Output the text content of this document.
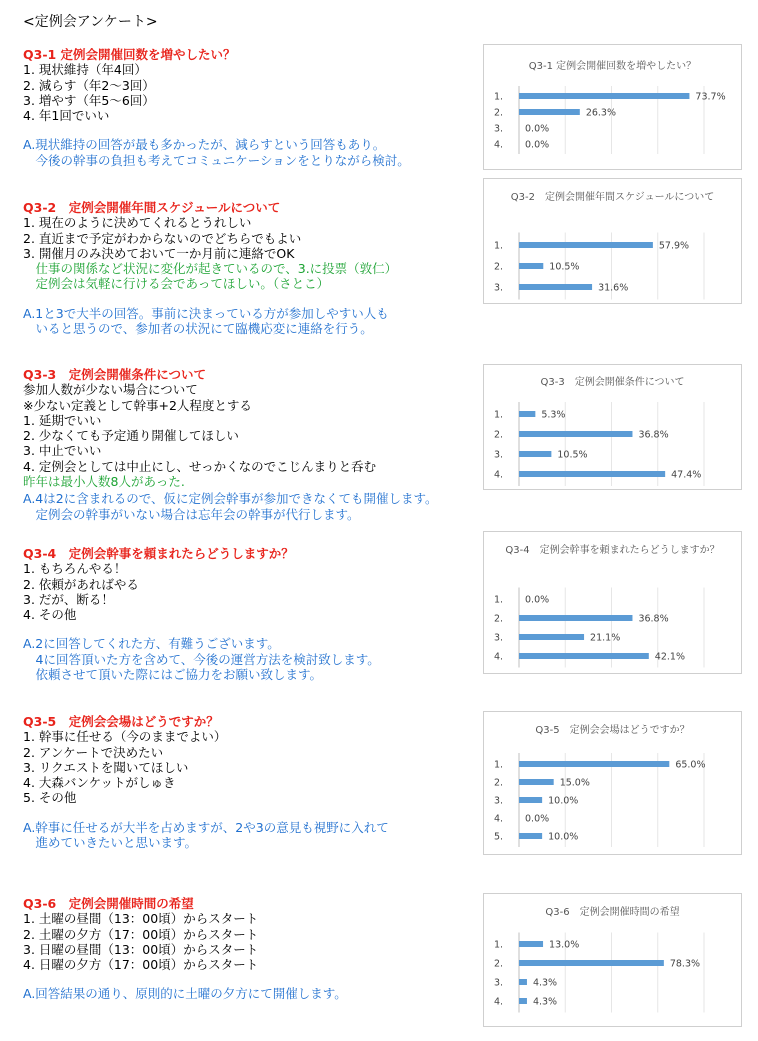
<定例会アンケート>
Q3-1 定例会開催回数を増やしたい？
1. 現状維持（年4回）
2. 減らす（年2〜3回）
3. 増やす（年5〜6回）
4. 年1回でいい
A.現状維持の回答が最も多かったが、減らすという回答もあり。
　今後の幹事の負担も考えてコミュニケーションをとりながら検討。
Q3-2　定例会開催年間スケジュールについて
1. 現在のように決めてくれるとうれしい
2. 直近まで予定がわからないのでどちらでもよい
3. 開催月のみ決めておいて一か月前に連絡でOK
　仕事の関係など状況に変化が起きているので、3.に投票（敦仁）
　定例会は気軽に行ける会であってほしい。（さとこ）
A.1と3で大半の回答。事前に決まっている方が参加しやすい人も
　いると思うので、参加者の状況にて臨機応変に連絡を行う。
Q3-3　定例会開催条件について
参加人数が少ない場合について
※少ない定義として幹事+2人程度とする
1. 延期でいい
2. 少なくても予定通り開催してほしい
3. 中止でいい
4. 定例会としては中止にし、せっかくなのでこじんまりと呑む
昨年は最小人数8人があった.
A.4は2に含まれるので、仮に定例会幹事が参加できなくても開催します。
　定例会の幹事がいない場合は忘年会の幹事が代行します。
Q3-4　定例会幹事を頼まれたらどうしますか？
1. もちろんやる！
2. 依頼があればやる
3. だが、断る！
4. その他
A.2に回答してくれた方、有難うございます。
　4に回答頂いた方を含めて、今後の運営方法を検討致します。
　依頼させて頂いた際にはご協力をお願い致します。
Q3-5　定例会会場はどうですか？
1. 幹事に任せる（今のままでよい）
2. アンケートで決めたい
3. リクエストを聞いてほしい
4. 大森バンケットがしゅき
5. その他
A.幹事に任せるが大半を占めますが、2や3の意見も視野に入れて
　進めていきたいと思います。
Q3-6　定例会開催時間の希望
1. 土曜の昼間（13：00頃）からスタート
2. 土曜の夕方（17：00頃）からスタート
3. 日曜の昼間（13：00頃）からスタート
4. 日曜の夕方（17：00頃）からスタート
A.回答結果の通り、原則的に土曜の夕方にて開催します。
Q3-1 定例会開催回数を増やしたい？
1.	73.7%
2.	26.3%
3. 0.0%
4. 0.0%
Q3-2　定例会開催年間スケジュールについて
1.	57.9%
2.	10.5%
3.	31.6%
Q3-3　定例会開催条件について
1.	5.3%
2.	36.8%
3.	10.5%
4.	47.4%
Q3-4　定例会幹事を頼まれたらどうしますか？
1. 0.0%
2.	36.8%
3.	21.1%
4.	42.1%
Q3-5　定例会会場はどうですか？
1.	65.0%
2.	15.0%
3.	10.0%
4. 0.0%
5.	10.0%
Q3-6　定例会開催時間の希望
1.	13.0%
2.	78.3%
3.	4.3%
4.	4.3%
